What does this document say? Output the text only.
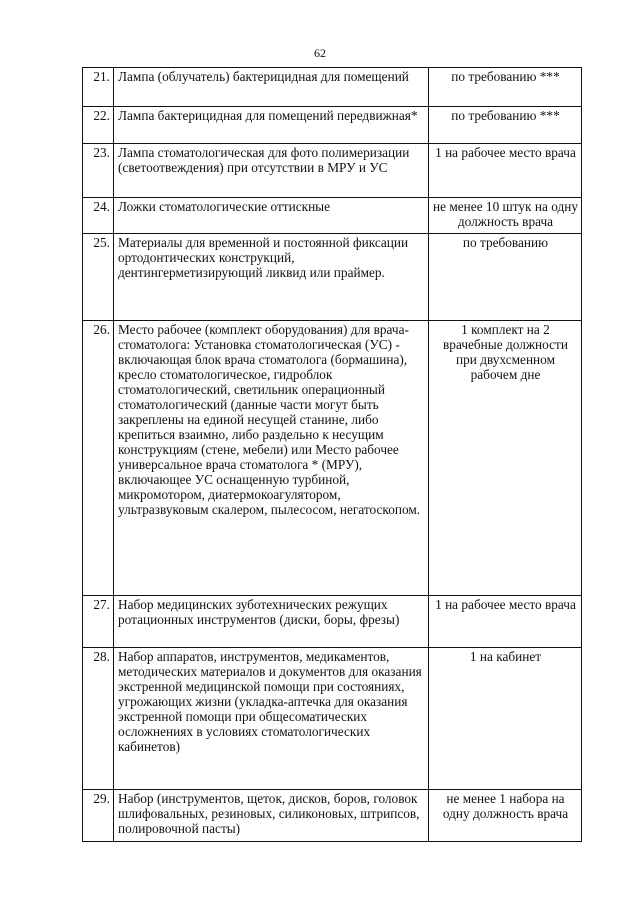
62
21.	Лампа (облучатель) бактерицидная для помещений	по требованию ***
22.	Лампа бактерицидная для помещений передвижная*	по требованию ***
23.	Лампа стоматологическая для фото полимеризации (светоотвеждения) при отсутствии в МРУ и УС	1 на рабочее место врача
24.	Ложки стоматологические оттискные	не менее 10 штук на одну должность врача
25.	Материалы для временной и постоянной фиксации ортодонтических конструкций, дентингерметизирующий ликвид или праймер.	по требованию
26.	Место рабочее (комплект оборудования) для врача-стоматолога: Установка стоматологическая (УС) - включающая блок врача стоматолога (бормашина), кресло стоматологическое, гидроблок стоматологический, светильник операционный стоматологический (данные части могут быть закреплены на единой несущей станине, либо крепиться взаимно, либо раздельно к несущим конструкциям (стене, мебели) или Место рабочее универсальное врача стоматолога * (МРУ), включающее УС оснащенную турбиной, микромотором, диатермокоагулятором, ультразвуковым скалером, пылесосом, негатоскопом.	1 комплект на 2 врачебные должности при двухсменном рабочем дне
27.	Набор медицинских зуботехнических режущих ротационных инструментов (диски, боры, фрезы)	1 на рабочее место врача
28.	Набор аппаратов, инструментов, медикаментов, методических материалов и документов для оказания экстренной медицинской помощи при состояниях, угрожающих жизни (укладка-аптечка для оказания экстренной помощи при общесоматических осложнениях в условиях стоматологических кабинетов)	1 на кабинет
29.	Набор (инструментов, щеток, дисков, боров, головок шлифовальных, резиновых, силиконовых, штрипсов, полировочной пасты)	не менее 1 набора на одну должность врача
